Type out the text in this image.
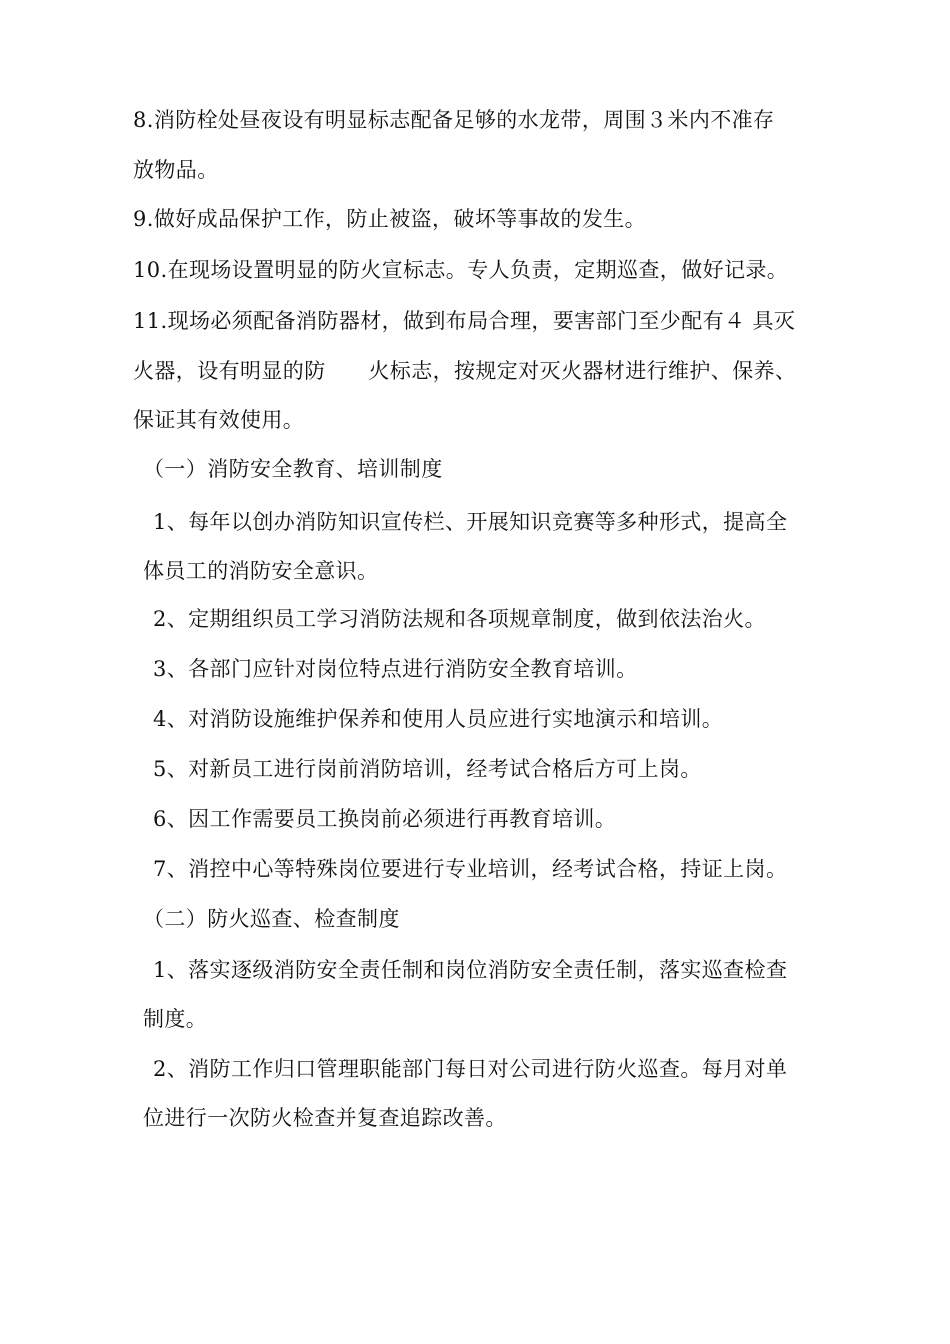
8.消防栓处昼夜设有明显标志配备足够的水龙带，周围３米内不准存
放物品。
9.做好成品保护工作，防止被盗，破坏等事故的发生。
10.在现场设置明显的防火宣标志。专人负责，定期巡查，做好记录。
11.现场必须配备消防器材，做到布局合理，要害部门至少配有４ 具灭
火器，设有明显的防　　火标志，按规定对灭火器材进行维护、保养、
保证其有效使用。
（一）消防安全教育、培训制度
1、每年以创办消防知识宣传栏、开展知识竞赛等多种形式，提高全
体员工的消防安全意识。
2、定期组织员工学习消防法规和各项规章制度，做到依法治火。
3、各部门应针对岗位特点进行消防安全教育培训。
4、对消防设施维护保养和使用人员应进行实地演示和培训。
5、对新员工进行岗前消防培训，经考试合格后方可上岗。
6、因工作需要员工换岗前必须进行再教育培训。
7、消控中心等特殊岗位要进行专业培训，经考试合格，持证上岗。
（二）防火巡查、检查制度
1、落实逐级消防安全责任制和岗位消防安全责任制，落实巡查检查
制度。
2、消防工作归口管理职能部门每日对公司进行防火巡查。每月对单
位进行一次防火检查并复查追踪改善。
